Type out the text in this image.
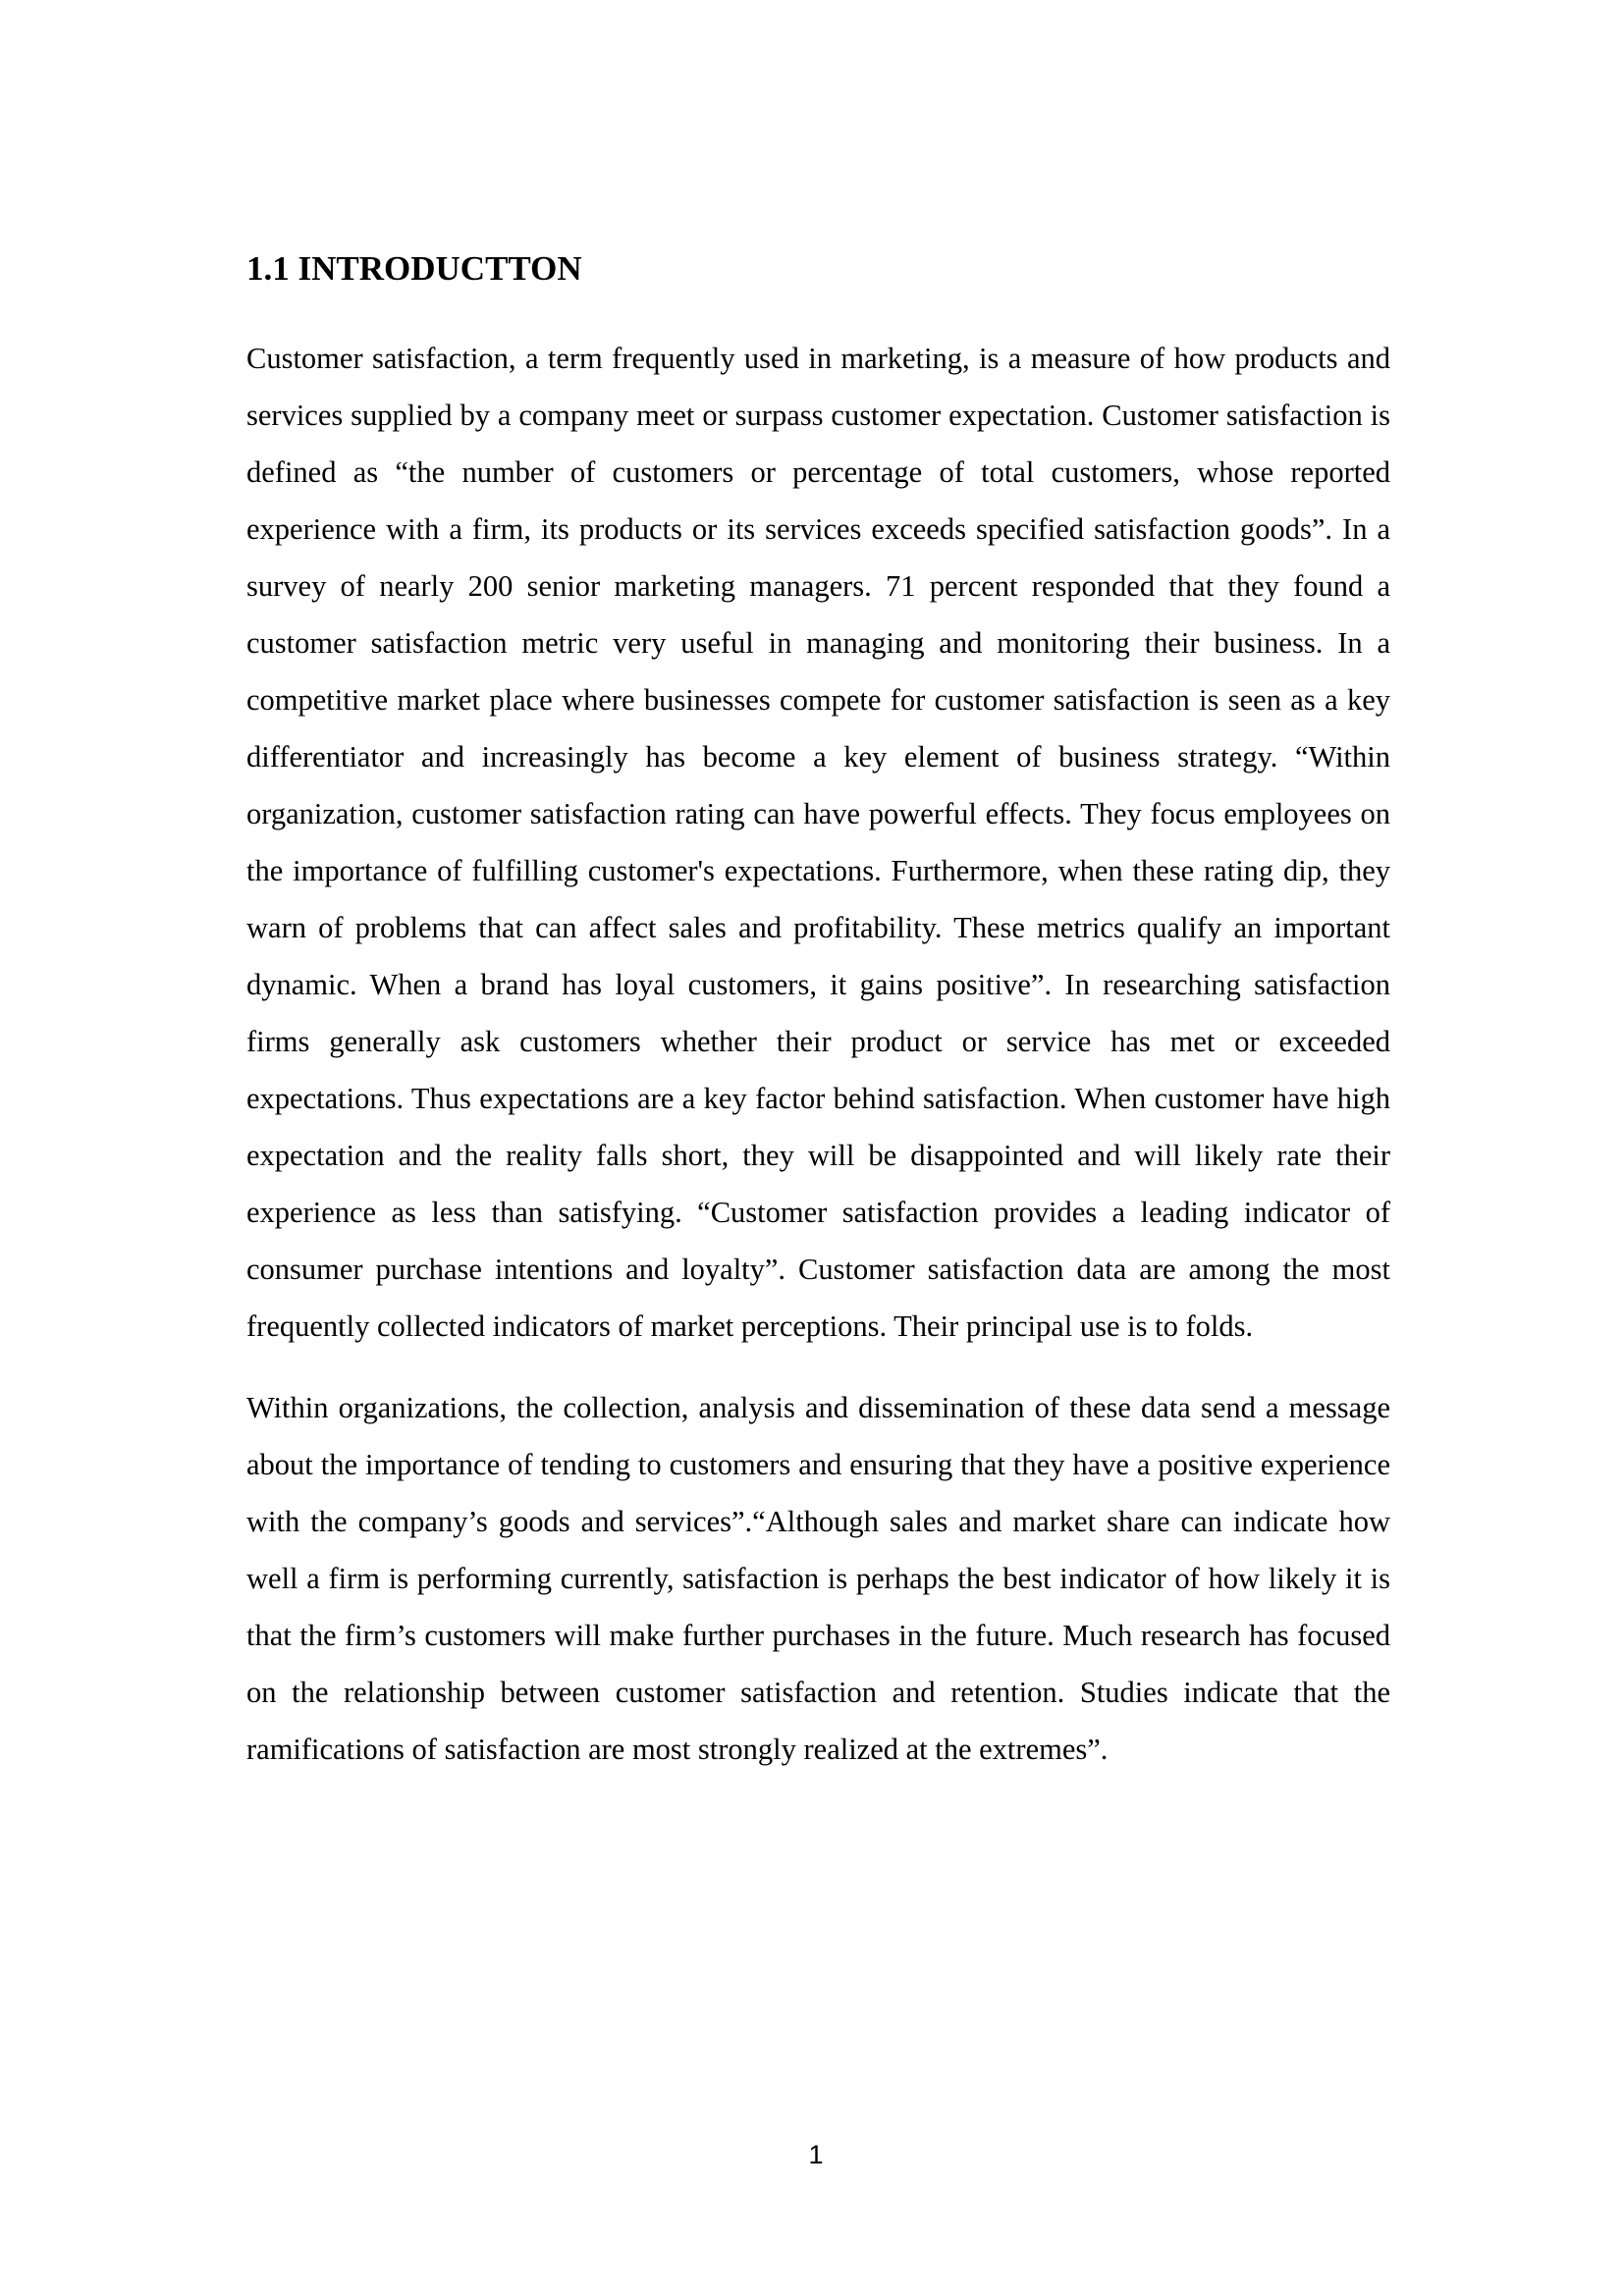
1.1 INTRODUCTTON

Customer satisfaction, a term frequently used in marketing, is a measure of how products and services supplied by a company meet or surpass customer expectation. Customer satisfaction is defined as “the number of customers or percentage of total customers, whose reported experience with a firm, its products or its services exceeds specified satisfaction goods”. In a survey of nearly 200 senior marketing managers. 71 percent responded that they found a customer satisfaction metric very useful in managing and monitoring their business. In a competitive market place where businesses compete for customer satisfaction is seen as a key differentiator and increasingly has become a key element of business strategy. “Within organization, customer satisfaction rating can have powerful effects. They focus employees on the importance of fulfilling customer's expectations. Furthermore, when these rating dip, they warn of problems that can affect sales and profitability. These metrics qualify an important dynamic. When a brand has loyal customers, it gains positive”. In researching satisfaction firms generally ask customers whether their product or service has met or exceeded expectations. Thus expectations are a key factor behind satisfaction. When customer have high expectation and the reality falls short, they will be disappointed and will likely rate their experience as less than satisfying. “Customer satisfaction provides a leading indicator of consumer purchase intentions and loyalty”. Customer satisfaction data are among the most frequently collected indicators of market perceptions. Their principal use is to folds.

Within organizations, the collection, analysis and dissemination of these data send a message about the importance of tending to customers and ensuring that they have a positive experience with the company’s goods and services”.“Although sales and market share can indicate how well a firm is performing currently, satisfaction is perhaps the best indicator of how likely it is that the firm’s customers will make further purchases in the future. Much research has focused on the relationship between customer satisfaction and retention. Studies indicate that the ramifications of satisfaction are most strongly realized at the extremes”.

1
